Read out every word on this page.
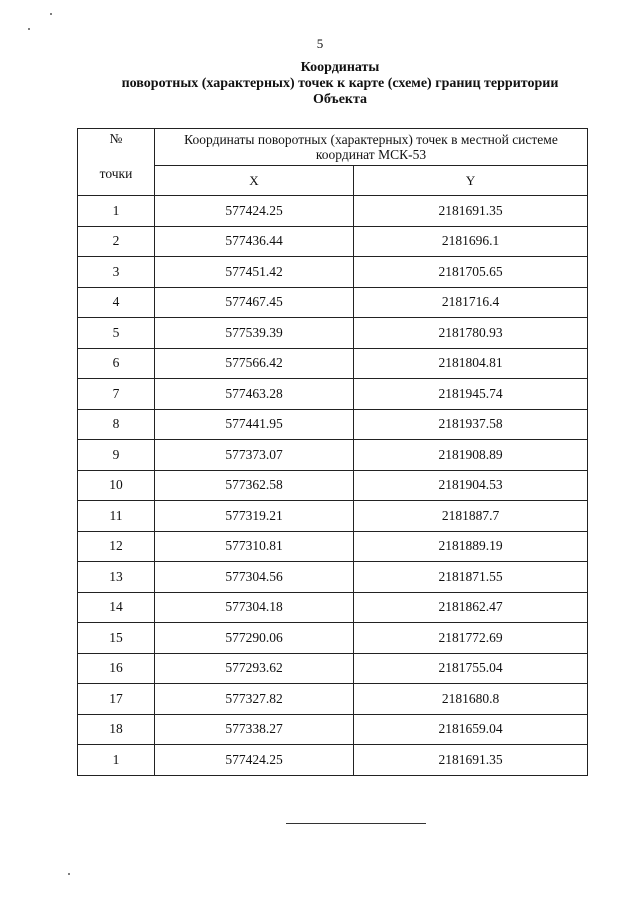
5
Координаты
поворотных (характерных) точек к карте (схеме) границ территории
Объекта
№
точки	Координаты поворотных (характерных) точек в местной системе координат МСК-53	
	X	Y
1	577424.25	2181691.35
2	577436.44	2181696.1
3	577451.42	2181705.65
4	577467.45	2181716.4
5	577539.39	2181780.93
6	577566.42	2181804.81
7	577463.28	2181945.74
8	577441.95	2181937.58
9	577373.07	2181908.89
10	577362.58	2181904.53
11	577319.21	2181887.7
12	577310.81	2181889.19
13	577304.56	2181871.55
14	577304.18	2181862.47
15	577290.06	2181772.69
16	577293.62	2181755.04
17	577327.82	2181680.8
18	577338.27	2181659.04
1	577424.25	2181691.35
